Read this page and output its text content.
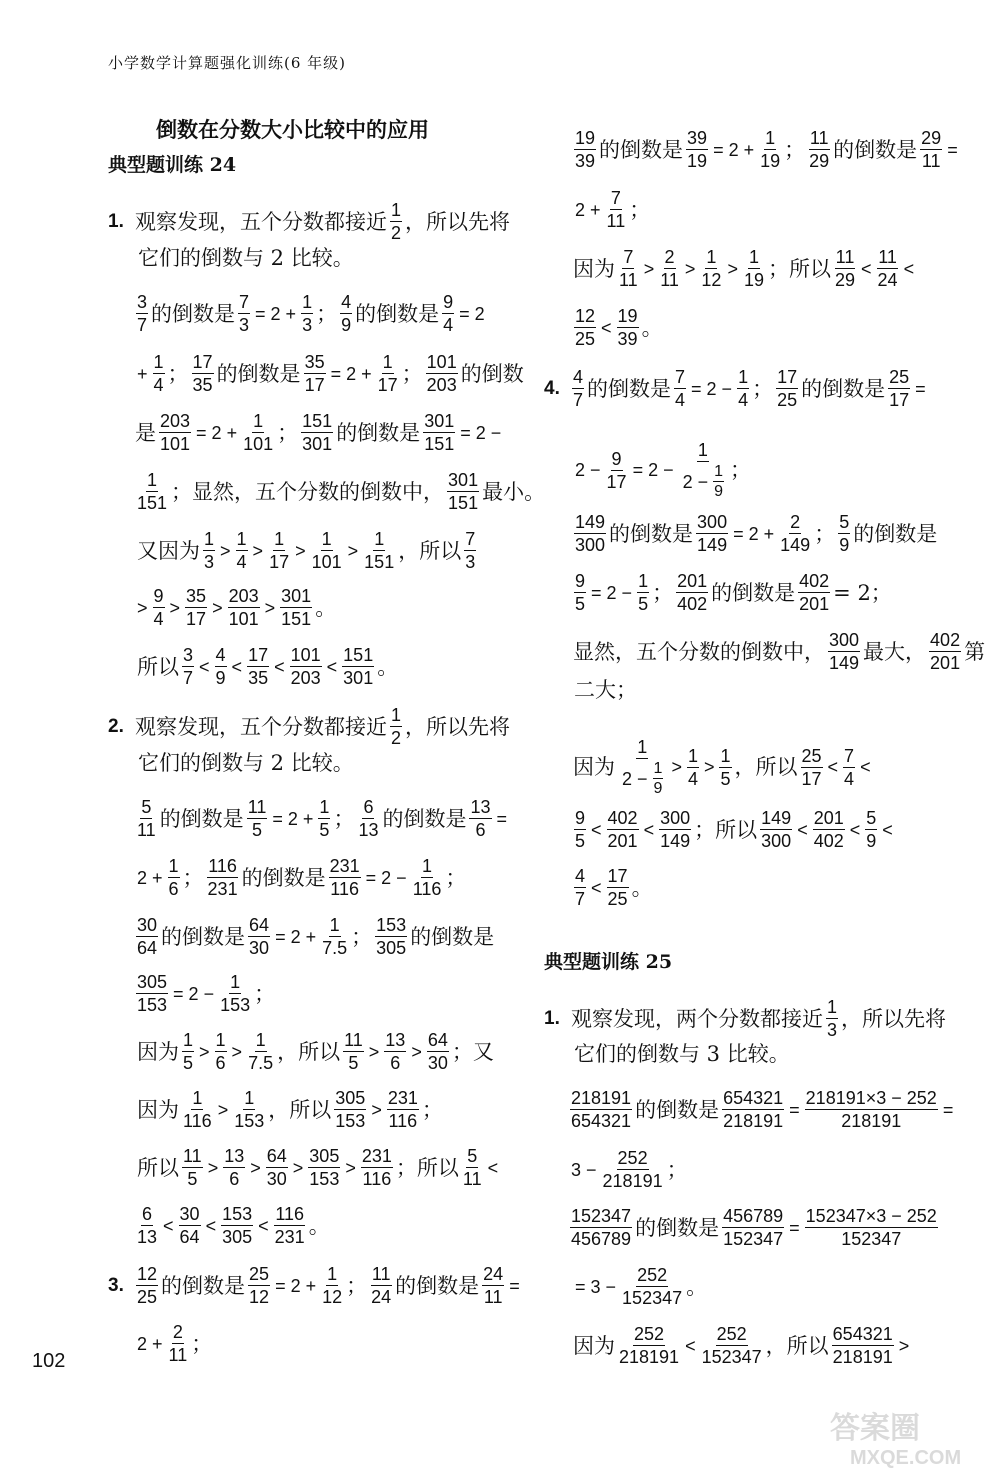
小学数学计算题强化训练(6 年级)
倒数在分数大小比较中的应用
典型题训练 24
1. 观察发现，五个分数都接近 $\frac{1}{2}$ ，所以先将
它们的倒数与 2 比较。
$\frac{3}{7}$ 的倒数是 $\frac{7}{3} = 2 + \frac{1}{3}$ ； $\frac{4}{9}$ 的倒数是 $\frac{9}{4} = 2$
+ $\frac{1}{4}$ ； $\frac{17}{35}$ 的倒数是 $\frac{35}{17} = 2 + \frac{1}{17}$ ； $\frac{101}{203}$ 的倒数
是 $\frac{203}{101} = 2 + \frac{1}{101}$ ； $\frac{151}{301}$ 的倒数是 $\frac{301}{151} = 2$ −
$\frac{1}{151}$ ；显然，五个分数的倒数中， $\frac{301}{151}$ 最小。
又因为 $\frac{1}{3} > \frac{1}{4} > \frac{1}{17} > \frac{1}{101} > \frac{1}{151}$ ，所以 $\frac{7}{3}$
> $\frac{9}{4} > \frac{35}{17} > \frac{203}{101} > \frac{301}{151}$ 。
所以 $\frac{3}{7} < \frac{4}{9} < \frac{17}{35} < \frac{101}{203} < \frac{151}{301}$ 。
2. 观察发现，五个分数都接近 $\frac{1}{2}$ ，所以先将
它们的倒数与 2 比较。
$\frac{5}{11}$ 的倒数是 $\frac{11}{5} = 2 + \frac{1}{5}$ ； $\frac{6}{13}$ 的倒数是 $\frac{13}{6}$ =
$2 + \frac{1}{6}$ ； $\frac{116}{231}$ 的倒数是 $\frac{231}{116} = 2 - \frac{1}{116}$ ；
$\frac{30}{64}$ 的倒数是 $\frac{64}{30} = 2 + \frac{1}{7.5}$ ； $\frac{153}{305}$ 的倒数是
$\frac{305}{153} = 2 - \frac{1}{153}$ ；
因为 $\frac{1}{5} > \frac{1}{6} > \frac{1}{7.5}$ ，所以 $\frac{11}{5} > \frac{13}{6} > \frac{64}{30}$ ；又
因为 $\frac{1}{116} > \frac{1}{153}$ ，所以 $\frac{305}{153} > \frac{231}{116}$ ；
所以 $\frac{11}{5} > \frac{13}{6} > \frac{64}{30} > \frac{305}{153} > \frac{231}{116}$ ；所以 $\frac{5}{11}$ <
$\frac{6}{13} < \frac{30}{64} < \frac{153}{305} < \frac{116}{231}$ 。
3. $\frac{12}{25}$ 的倒数是 $\frac{25}{12} = 2 + \frac{1}{12}$ ； $\frac{11}{24}$ 的倒数是 $\frac{24}{11}$ =
$2 + \frac{2}{11}$ ；
$\frac{19}{39}$ 的倒数是 $\frac{39}{19} = 2 + \frac{1}{19}$ ； $\frac{11}{29}$ 的倒数是 $\frac{29}{11}$ =
$2 + \frac{7}{11}$ ；
因为 $\frac{7}{11} > \frac{2}{11} > \frac{1}{12} > \frac{1}{19}$ ；所以 $\frac{11}{29} < \frac{11}{24}$ <
$\frac{12}{25} < \frac{19}{39}$ 。
4. $\frac{4}{7}$ 的倒数是 $\frac{7}{4} = 2 - \frac{1}{4}$ ； $\frac{17}{25}$ 的倒数是 $\frac{25}{17}$ =
$2 - \frac{9}{17} = 2 - \frac{1}{2 - \frac{1}{9}}$ ；
$\frac{149}{300}$ 的倒数是 $\frac{300}{149} = 2 + \frac{2}{149}$ ； $\frac{5}{9}$ 的倒数是
$\frac{9}{5} = 2 - \frac{1}{5}$ ； $\frac{201}{402}$ 的倒数是 $\frac{402}{201} = 2$；
显然，五个分数的倒数中， $\frac{300}{149}$ 最大， $\frac{402}{201}$ 第
二大；
因为 $\frac{1}{2 - \frac{1}{9}} > \frac{1}{4} > \frac{1}{5}$ ，所以 $\frac{25}{17} < \frac{7}{4}$ <
$\frac{9}{5} < \frac{402}{201} < \frac{300}{149}$ ；所以 $\frac{149}{300} < \frac{201}{402} < \frac{5}{9}$ <
$\frac{4}{7} < \frac{17}{25}$ 。
典型题训练 25
1. 观察发现，两个分数都接近 $\frac{1}{3}$ ，所以先将
它们的倒数与 3 比较。
$\frac{218191}{654321}$ 的倒数是 $\frac{654321}{218191} = \frac{218191\times 3 - 252}{218191}$ =
$3 - \frac{252}{218191}$ ；
$\frac{152347}{456789}$ 的倒数是 $\frac{456789}{152347} = \frac{152347\times 3 - 252}{152347}$
= $3 - \frac{252}{152347}$ 。
因为 $\frac{252}{218191} < \frac{252}{152347}$ ，所以 $\frac{654321}{218191}$ >
102
答案圈
MXQE.COM
